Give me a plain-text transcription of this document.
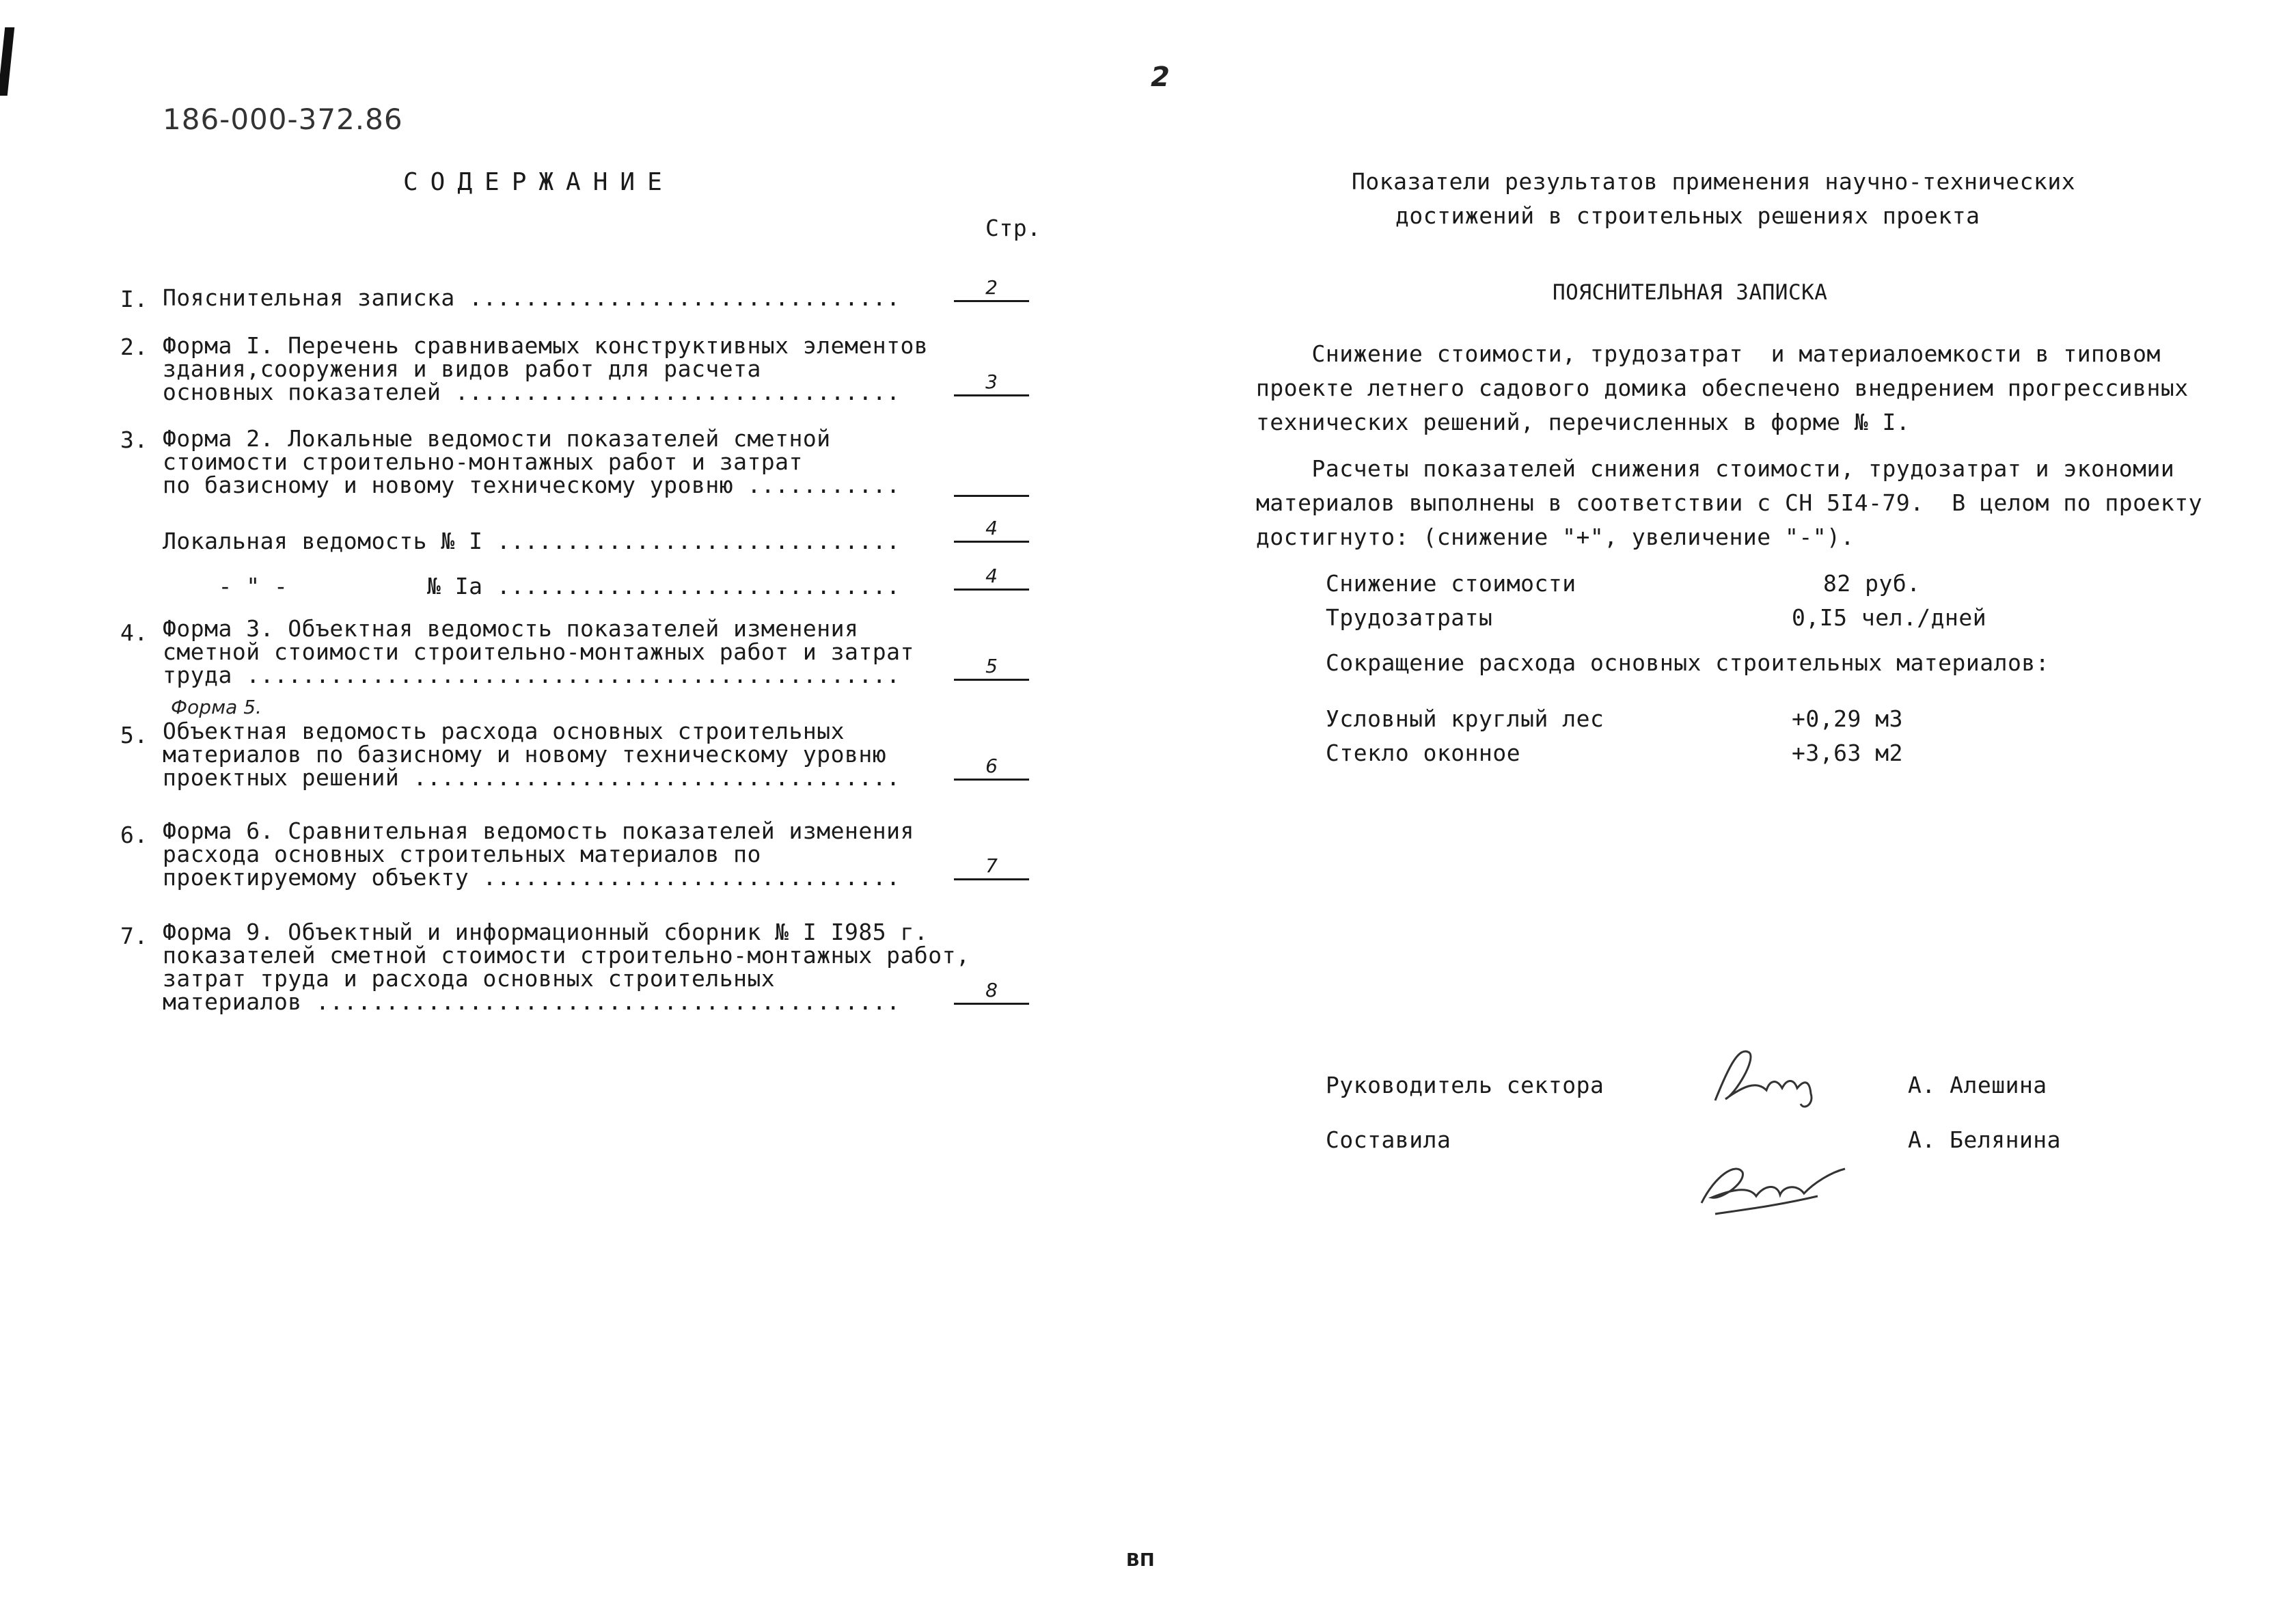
186-000-372.86
СОДЕРЖАНИЕ
Стр.
I. Пояснительная записка ...............................	2
2. Форма I. Перечень сравниваемых конструктивных элементов
здания,сооружения и видов работ для расчета
основных показателей ................................	3
3. Форма 2. Локальные ведомости показателей сметной
стоимости строительно-монтажных работ и затрат
по базисному и новому техническому уровню ...........
Локальная ведомость № I .............................	4
- " -          № Iа .............................	4
4. Форма 3. Объектная ведомость показателей изменения
сметной стоимости строительно-монтажных работ и затрат
труда ...............................................	5
Форма 5.
5. Объектная ведомость расхода основных строительных
материалов по базисному и новому техническому уровню
проектных решений ...................................	6
6. Форма 6. Сравнительная ведомость показателей изменения
расхода основных строительных материалов по
проектируемому объекту ..............................	7
7. Форма 9. Объектный и информационный сборник № I I985 г.
показателей сметной стоимости строительно-монтажных работ,
затрат труда и расхода основных строительных
материалов ..........................................	8
2
Показатели результатов применения научно-технических
достижений в строительных решениях проекта
ПОЯСНИТЕЛЬНАЯ ЗАПИСКА
Снижение стоимости, трудозатрат  и материалоемкости в типовом
проекте летнего садового домика обеспечено внедрением прогрессивных
технических решений, перечисленных в форме № I.
Расчеты показателей снижения стоимости, трудозатрат и экономии
материалов выполнены в соответствии с СН 5I4-79.  В целом по проекту
достигнуто: (снижение "+", увеличение "-").
Снижение стоимости	82 руб.
Трудозатраты	0,I5 чел./дней
Сокращение расхода основных строительных материалов:
Условный круглый лес	+0,29 м3
Стекло оконное	+3,63 м2
Руководитель сектора	А. Алешина
Составила	А. Белянина
ВП
